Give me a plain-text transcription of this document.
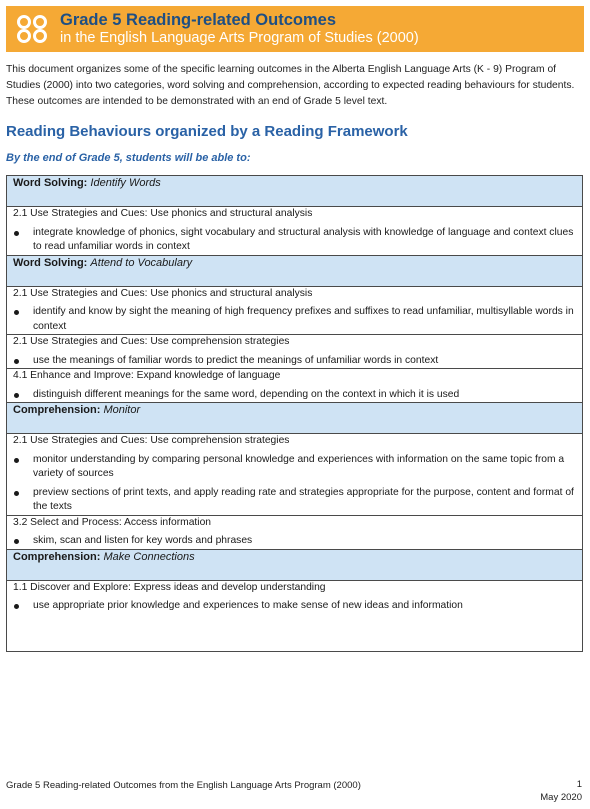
Grade 5 Reading-related Outcomes
in the English Language Arts Program of Studies (2000)
This document organizes some of the specific learning outcomes in the Alberta English Language Arts (K - 9) Program of Studies (2000) into two categories, word solving and comprehension, according to expected reading behaviours for students. These outcomes are intended to be demonstrated with an end of Grade 5 level text.
Reading Behaviours organized by a Reading Framework
By the end of Grade 5, students will be able to:
Word Solving: Identify Words

2.1 Use Strategies and Cues: Use phonics and structural analysis
integrate knowledge of phonics, sight vocabulary and structural analysis with knowledge of language and context clues to read unfamiliar words in context

Word Solving: Attend to Vocabulary

2.1 Use Strategies and Cues: Use phonics and structural analysis
identify and know by sight the meaning of high frequency prefixes and suffixes to read unfamiliar, multisyllable words in context

2.1 Use Strategies and Cues: Use comprehension strategies
use the meanings of familiar words to predict the meanings of unfamiliar words in context

4.1 Enhance and Improve: Expand knowledge of language
distinguish different meanings for the same word, depending on the context in which it is used

Comprehension: Monitor

2.1 Use Strategies and Cues: Use comprehension strategies
monitor understanding by comparing personal knowledge and experiences with information on the same topic from a variety of sources
preview sections of print texts, and apply reading rate and strategies appropriate for the purpose, content and format of the texts

3.2 Select and Process: Access information
skim, scan and listen for key words and phrases

Comprehension: Make Connections

1.1 Discover and Explore: Express ideas and develop understanding
use appropriate prior knowledge and experiences to make sense of new ideas and information
Grade 5 Reading-related Outcomes from the English Language Arts Program (2000)	1
May 2020
